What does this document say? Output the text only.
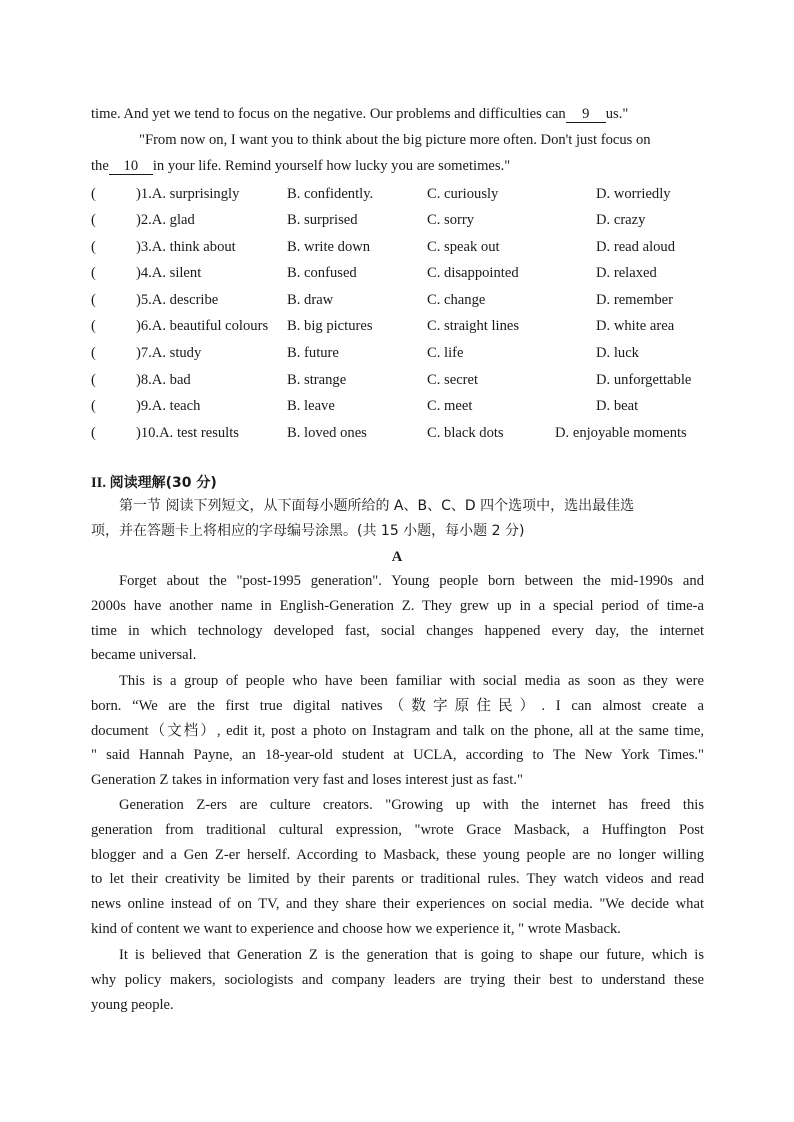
time. And yet we tend to focus on the negative. Our problems and difficulties can 9 us."
"From now on, I want you to think about the big picture more often. Don't just focus on
the 10 in your life. Remind yourself how lucky you are sometimes."
(	)1.A. surprisingly	B. confidently.	C. curiously	D. worriedly
(	)2.A. glad	B. surprised	C. sorry	D. crazy
(	)3.A. think about	B. write down	C. speak out	D. read aloud
(	)4.A. silent	B. confused	C. disappointed	D. relaxed
(	)5.A. describe	B. draw	C. change	D. remember
(	)6.A. beautiful colours B. big pictures	C. straight lines	D. white area
(	)7.A. study	B. future	C. life	D. luck
(	)8.A. bad	B. strange	C. secret	D. unforgettable
(	)9.A. teach	B. leave	C. meet	D. beat
(	)10.A. test results	B. loved ones	C. black dots	D. enjoyable moments
II. 阅读理解(30 分)
第一节 阅读下列短文，从下面每小题所给的 A、B、C、D 四个选项中，选出最佳选
项，并在答题卡上将相应的字母编号涂黑。(共 15 小题，每小题 2 分)
A
Forget about the "post-1995 generation". Young people born between the mid-1990s and
2000s have another name in English-Generation Z. They grew up in a special period of time-a
time in which technology developed fast, social changes happened every day, the internet
became universal.
This is a group of people who have been familiar with social media as soon as they were
born. “We are the first true digital natives（数字原住民）. I can almost create a
document（文档）, edit it, post a photo on Instagram and talk on the phone, all at the same time,
" said Hannah Payne, an 18-year-old student at UCLA, according to The New York Times."
Generation Z takes in information very fast and loses interest just as fast."
Generation Z-ers are culture creators. "Growing up with the internet has freed this
generation from traditional cultural expression, "wrote Grace Masback, a Huffington Post
blogger and a Gen Z-er herself. According to Masback, these young people are no longer willing
to let their creativity be limited by their parents or traditional rules. They watch videos and read
news online instead of on TV, and they share their experiences on social media. "We decide what
kind of content we want to experience and choose how we experience it, " wrote Masback.
It is believed that Generation Z is the generation that is going to shape our future, which is
why policy makers, sociologists and company leaders are trying their best to understand these
young people.
